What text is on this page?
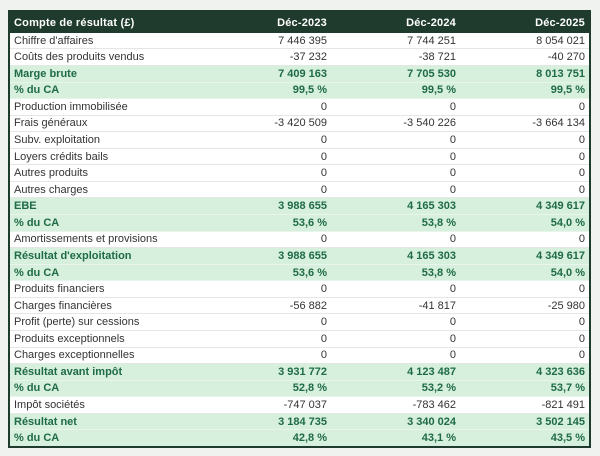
Compte de résultat (£)	Déc-2023	Déc-2024	Déc-2025
Chiffre d'affaires	7 446 395	7 744 251	8 054 021
Coûts des produits vendus	-37 232	-38 721	-40 270
Marge brute	7 409 163	7 705 530	8 013 751
% du CA	99,5 %	99,5 %	99,5 %
Production immobilisée	0	0	0
Frais généraux	-3 420 509	-3 540 226	-3 664 134
Subv. exploitation	0	0	0
Loyers crédits bails	0	0	0
Autres produits	0	0	0
Autres charges	0	0	0
EBE	3 988 655	4 165 303	4 349 617
% du CA	53,6 %	53,8 %	54,0 %
Amortissements et provisions	0	0	0
Résultat d'exploitation	3 988 655	4 165 303	4 349 617
% du CA	53,6 %	53,8 %	54,0 %
Produits financiers	0	0	0
Charges financières	-56 882	-41 817	-25 980
Profit (perte) sur cessions	0	0	0
Produits exceptionnels	0	0	0
Charges exceptionnelles	0	0	0
Résultat avant impôt	3 931 772	4 123 487	4 323 636
% du CA	52,8 %	53,2 %	53,7 %
Impôt sociétés	-747 037	-783 462	-821 491
Résultat net	3 184 735	3 340 024	3 502 145
% du CA	42,8 %	43,1 %	43,5 %
